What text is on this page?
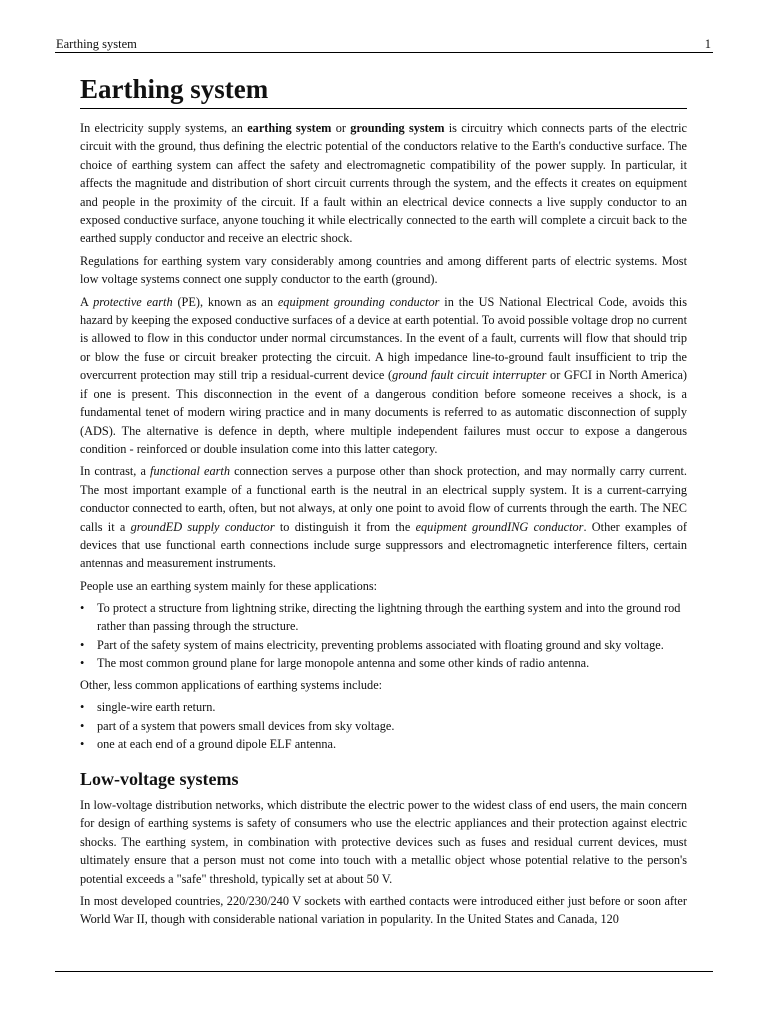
Earthing system	1
Earthing system

In electricity supply systems, an earthing system or grounding system is circuitry which connects parts of the electric circuit with the ground, thus defining the electric potential of the conductors relative to the Earth's conductive surface. The choice of earthing system can affect the safety and electromagnetic compatibility of the power supply. In particular, it affects the magnitude and distribution of short circuit currents through the system, and the effects it creates on equipment and people in the proximity of the circuit. If a fault within an electrical device connects a live supply conductor to an exposed conductive surface, anyone touching it while electrically connected to the earth will complete a circuit back to the earthed supply conductor and receive an electric shock.

Regulations for earthing system vary considerably among countries and among different parts of electric systems. Most low voltage systems connect one supply conductor to the earth (ground).

A protective earth (PE), known as an equipment grounding conductor in the US National Electrical Code, avoids this hazard by keeping the exposed conductive surfaces of a device at earth potential. To avoid possible voltage drop no current is allowed to flow in this conductor under normal circumstances. In the event of a fault, currents will flow that should trip or blow the fuse or circuit breaker protecting the circuit. A high impedance line-to-ground fault insufficient to trip the overcurrent protection may still trip a residual-current device (ground fault circuit interrupter or GFCI in North America) if one is present. This disconnection in the event of a dangerous condition before someone receives a shock, is a fundamental tenet of modern wiring practice and in many documents is referred to as automatic disconnection of supply (ADS). The alternative is defence in depth, where multiple independent failures must occur to expose a dangerous condition - reinforced or double insulation come into this latter category.

In contrast, a functional earth connection serves a purpose other than shock protection, and may normally carry current. The most important example of a functional earth is the neutral in an electrical supply system. It is a current-carrying conductor connected to earth, often, but not always, at only one point to avoid flow of currents through the earth. The NEC calls it a groundED supply conductor to distinguish it from the equipment groundING conductor. Other examples of devices that use functional earth connections include surge suppressors and electromagnetic interference filters, certain antennas and measurement instruments.

People use an earthing system mainly for these applications:

• To protect a structure from lightning strike, directing the lightning through the earthing system and into the ground rod rather than passing through the structure.
• Part of the safety system of mains electricity, preventing problems associated with floating ground and sky voltage.
• The most common ground plane for large monopole antenna and some other kinds of radio antenna.

Other, less common applications of earthing systems include:

• single-wire earth return.
• part of a system that powers small devices from sky voltage.
• one at each end of a ground dipole ELF antenna.
Low-voltage systems

In low-voltage distribution networks, which distribute the electric power to the widest class of end users, the main concern for design of earthing systems is safety of consumers who use the electric appliances and their protection against electric shocks. The earthing system, in combination with protective devices such as fuses and residual current devices, must ultimately ensure that a person must not come into touch with a metallic object whose potential relative to the person's potential exceeds a "safe" threshold, typically set at about 50 V.

In most developed countries, 220/230/240 V sockets with earthed contacts were introduced either just before or soon after World War II, though with considerable national variation in popularity. In the United States and Canada, 120
